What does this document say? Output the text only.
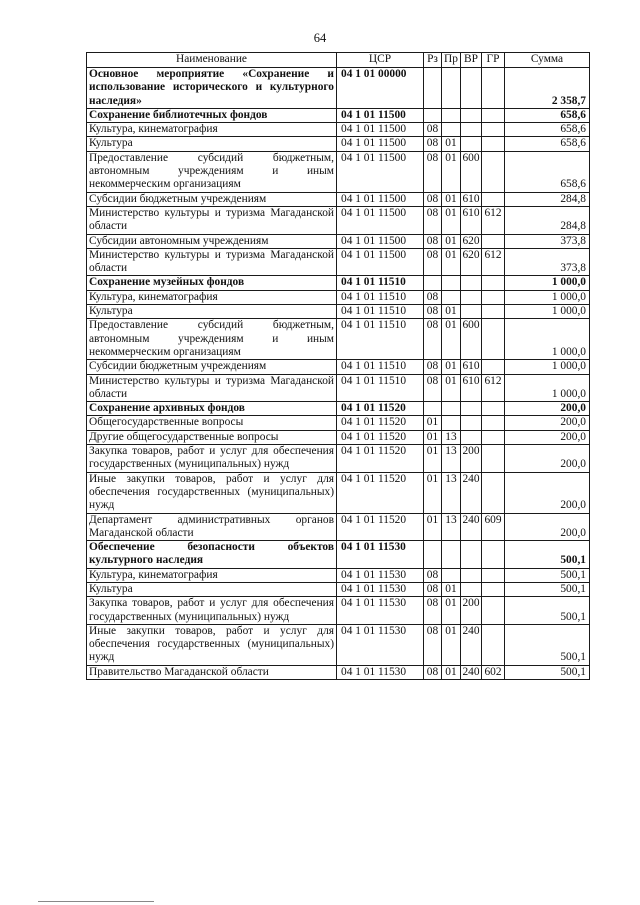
64
Наименование	ЦСР	Рз	Пр	ВР	ГР	Сумма
Основное мероприятие «Сохранение и использование исторического и культурного наследия»	04 1 01 00000					2 358,7
Сохранение библиотечных фондов	04 1 01 11500					658,6
Культура, кинематография	04 1 01 11500	08				658,6
Культура	04 1 01 11500	08	01			658,6
Предоставление субсидий бюджетным, автономным учреждениям и иным некоммерческим организациям	04 1 01 11500	08	01	600		658,6
Субсидии бюджетным учреждениям	04 1 01 11500	08	01	610		284,8
Министерство культуры и туризма Магаданской области	04 1 01 11500	08	01	610	612	284,8
Субсидии автономным учреждениям	04 1 01 11500	08	01	620		373,8
Министерство культуры и туризма Магаданской области	04 1 01 11500	08	01	620	612	373,8
Сохранение музейных фондов	04 1 01 11510					1 000,0
Культура, кинематография	04 1 01 11510	08				1 000,0
Культура	04 1 01 11510	08	01			1 000,0
Предоставление субсидий бюджетным, автономным учреждениям и иным некоммерческим организациям	04 1 01 11510	08	01	600		1 000,0
Субсидии бюджетным учреждениям	04 1 01 11510	08	01	610		1 000,0
Министерство культуры и туризма Магаданской области	04 1 01 11510	08	01	610	612	1 000,0
Сохранение архивных фондов	04 1 01 11520					200,0
Общегосударственные вопросы	04 1 01 11520	01				200,0
Другие общегосударственные вопросы	04 1 01 11520	01	13			200,0
Закупка товаров, работ и услуг для обеспечения государственных (муниципальных) нужд	04 1 01 11520	01	13	200		200,0
Иные закупки товаров, работ и услуг для обеспечения государственных (муниципальных) нужд	04 1 01 11520	01	13	240		200,0
Департамент административных органов Магаданской области	04 1 01 11520	01	13	240	609	200,0
Обеспечение безопасности объектов культурного наследия	04 1 01 11530					500,1
Культура, кинематография	04 1 01 11530	08				500,1
Культура	04 1 01 11530	08	01			500,1
Закупка товаров, работ и услуг для обеспечения государственных (муниципальных) нужд	04 1 01 11530	08	01	200		500,1
Иные закупки товаров, работ и услуг для обеспечения государственных (муниципальных) нужд	04 1 01 11530	08	01	240		500,1
Правительство Магаданской области	04 1 01 11530	08	01	240	602	500,1
